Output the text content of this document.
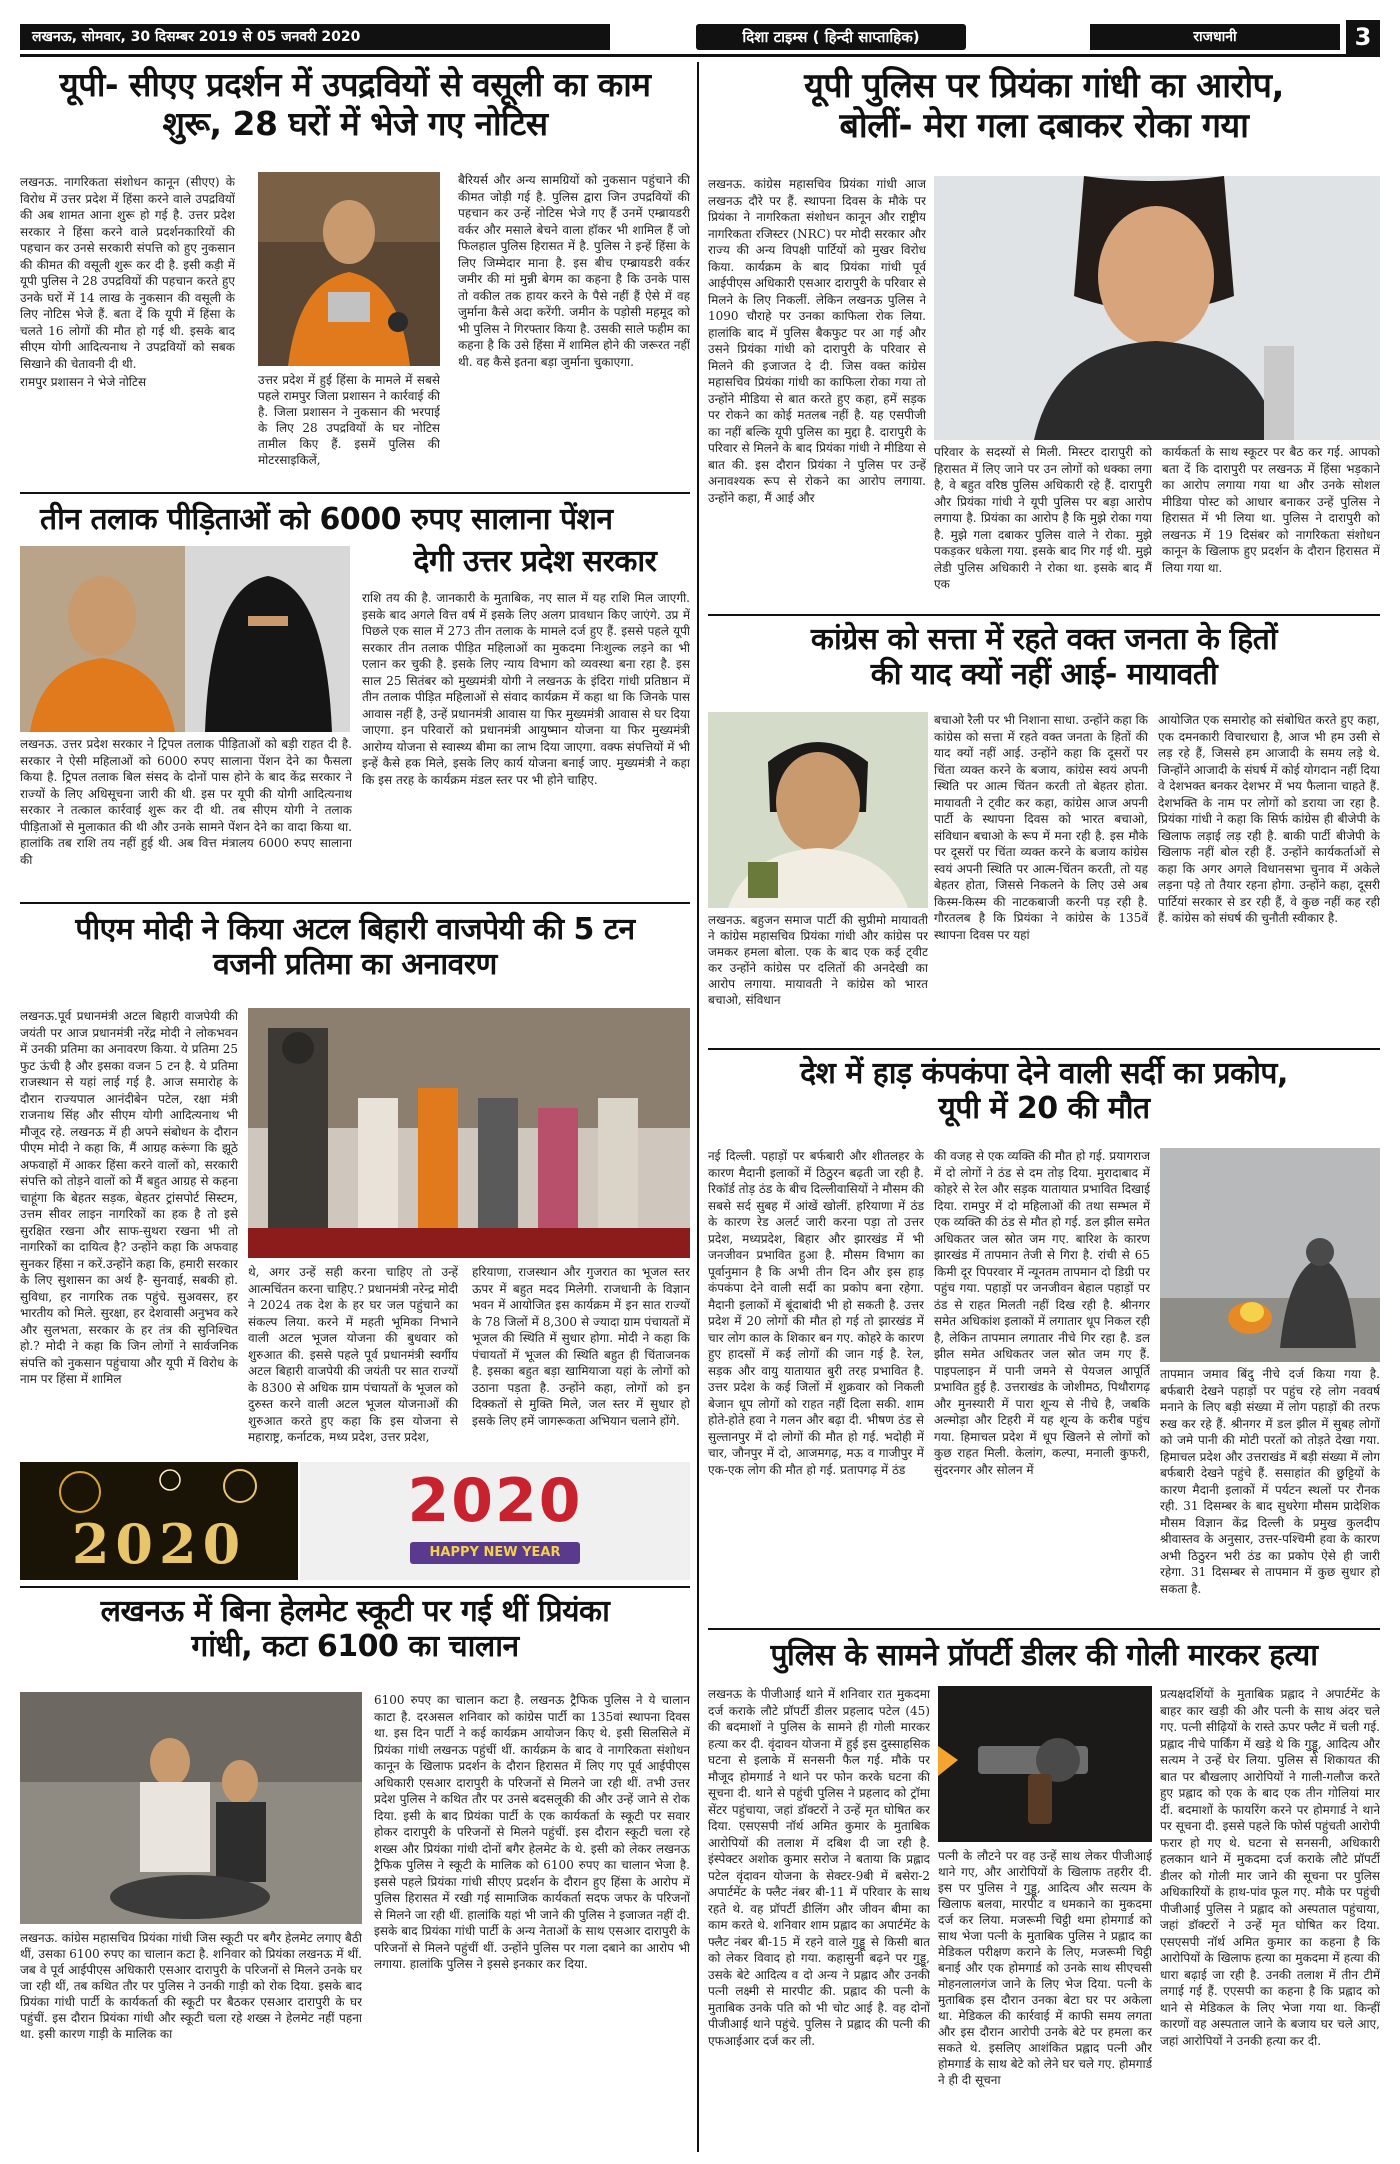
लखनऊ, सोमवार, 30 दिसम्बर 2019 से 05 जनवरी 2020	दिशा टाइम्स ( हिन्दी साप्ताहिक)	राजधानी	3
यूपी- सीएए प्रदर्शन में उपद्रवियों से वसूली का काम
शुरू, 28 घरों में भेजे गए नोटिस
लखनऊ. नागरिकता संशोधन कानून (सीएए) के विरोध में उत्तर प्रदेश में हिंसा करने वाले उपद्रवियों की अब शामत आना शुरू हो गई है. उत्तर प्रदेश सरकार ने हिंसा करने वाले प्रदर्शनकारियों की पहचान कर उनसे सरकारी संपत्ति को हुए नुकसान की कीमत की वसूली शुरू कर दी है. इसी कड़ी में यूपी पुलिस ने 28 उपद्रवियों की पहचान करते हुए उनके घरों में 14 लाख के नुकसान की वसूली के लिए नोटिस भेजे हैं. बता दें कि यूपी में हिंसा के चलते 16 लोगों की मौत हो गई थी. इसके बाद सीएम योगी आदित्यनाथ ने उपद्रवियों को सबक सिखाने की चेतावनी दी थी.
रामपुर प्रशासन ने भेजे नोटिस	उत्तर प्रदेश में हुई हिंसा के मामले में सबसे पहले रामपुर जिला प्रशासन ने कार्रवाई की है. जिला प्रशासन ने नुकसान की भरपाई के लिए 28 उपद्रवियों के घर नोटिस तामील किए हैं. इसमें पुलिस की मोटरसाइकिलें,
बैरियर्स और अन्य सामग्रियों को नुकसान पहुंचाने की कीमत जोड़ी गई है. पुलिस द्वारा जिन उपद्रवियों की पहचान कर उन्हें नोटिस भेजे गए हैं उनमें एम्ब्रायडरी वर्कर और मसाले बेचने वाला हॉकर भी शामिल हैं जो फिलहाल पुलिस हिरासत में है. पुलिस ने इन्हें हिंसा के लिए जिम्मेदार माना है. इस बीच एम्ब्रायडरी वर्कर जमीर की मां मुन्नी बेगम का कहना है कि उनके पास तो वकील तक हायर करने के पैसे नहीं हैं ऐसे में वह जुर्माना कैसे अदा करेंगी. जमीन के पड़ोसी महमूद को भी पुलिस ने गिरफ्तार किया है. उसकी साले फहीम का कहना है कि उसे हिंसा में शामिल होने की जरूरत नहीं थी. वह कैसे इतना बड़ा जुर्माना चुकाएगा.
तीन तलाक पीड़िताओं को 6000 रुपए सालाना पेंशन
देगी उत्तर प्रदेश सरकार
राशि तय की है. जानकारी के मुताबिक, नए साल में यह राशि मिल जाएगी. इसके बाद अगले वित्त वर्ष में इसके लिए अलग प्रावधान किए जाएंगे. उप्र में पिछले एक साल में 273 तीन तलाक के मामले दर्ज हुए हैं. इससे पहले यूपी सरकार तीन तलाक पीड़ित महिलाओं का मुकदमा निःशुल्क लड़ने का भी एलान कर चुकी है. इसके लिए न्याय विभाग को व्यवस्था बना रहा है. इस साल 25 सितंबर को मुख्यमंत्री योगी ने लखनऊ के इंदिरा गांधी प्रतिष्ठान में तीन तलाक पीड़ित महिलाओं से संवाद कार्यक्रम में कहा था कि जिनके पास आवास नहीं है, उन्हें प्रधानमंत्री आवास या फिर मुख्यमंत्री आवास से घर दिया जाएगा. इन परिवारों को प्रधानमंत्री आयुष्मान योजना या फिर मुख्यमंत्री आरोग्य योजना से स्वास्थ्य बीमा का लाभ दिया जाएगा. वक्फ संपत्तियों में भी इन्हें कैसे हक मिले, इसके लिए कार्य योजना बनाई जाए. मुख्यमंत्री ने कहा कि इस तरह के कार्यक्रम मंडल स्तर पर भी होने चाहिए.
लखनऊ. उत्तर प्रदेश सरकार ने ट्रिपल तलाक पीड़िताओं को बड़ी राहत दी है. सरकार ने ऐसी महिलाओं को 6000 रुपए सालाना पेंशन देने का फैसला किया है. ट्रिपल तलाक बिल संसद के दोनों पास होने के बाद केंद्र सरकार ने राज्यों के लिए अधिसूचना जारी की थी. इस पर यूपी की योगी आदित्यनाथ सरकार ने तत्काल कार्रवाई शुरू कर दी थी. तब सीएम योगी ने तलाक पीड़िताओं से मुलाकात की थी और उनके सामने पेंशन देने का वादा किया था. हालांकि तब राशि तय नहीं हुई थी. अब वित्त मंत्रालय 6000 रुपए सालाना की
पीएम मोदी ने किया अटल बिहारी वाजपेयी की 5 टन
वजनी प्रतिमा का अनावरण
लखनऊ.पूर्व प्रधानमंत्री अटल बिहारी वाजपेयी की जयंती पर आज प्रधानमंत्री नरेंद्र मोदी ने लोकभवन में उनकी प्रतिमा का अनावरण किया. ये प्रतिमा 25 फुट ऊंची है और इसका वजन 5 टन है. ये प्रतिमा राजस्थान से यहां लाई गई है. आज समारोह के दौरान राज्यपाल आनंदीबेन पटेल, रक्षा मंत्री राजनाथ सिंह और सीएम योगी आदित्यनाथ भी मौजूद रहे. लखनऊ में ही अपने संबोधन के दौरान पीएम मोदी ने कहा कि, मैं आग्रह करूंगा कि झूठे अफवाहों में आकर हिंसा करने वालों को, सरकारी संपत्ति को तोड़ने वालों को मैं बहुत आग्रह से कहना चाहूंगा कि बेहतर सड़क, बेहतर ट्रांसपोर्ट सिस्टम, उत्तम सीवर लाइन नागरिकों का हक है तो इसे सुरक्षित रखना और साफ-सुथरा रखना भी तो नागरिकों का दायित्व है? उन्होंने कहा कि अफवाह सुनकर हिंसा न करें.उन्होंने कहा कि, हमारी सरकार के लिए सुशासन का अर्थ है- सुनवाई, सबकी हो. सुविधा, हर नागरिक तक पहुंचे. सुअवसर, हर भारतीय को मिले. सुरक्षा, हर देशवासी अनुभव करे और सुलभता, सरकार के हर तंत्र की सुनिश्चित हो.? मोदी ने कहा कि जिन लोगों ने सार्वजनिक संपत्ति को नुकसान पहुंचाया और यूपी में विरोध के नाम पर हिंसा में शामिल
थे, अगर उन्हें सही करना चाहिए तो उन्हें आत्मचिंतन करना चाहिए.? प्रधानमंत्री नरेन्द्र मोदी ने 2024 तक देश के हर घर जल पहुंचाने का संकल्प लिया. करने में महती भूमिका निभाने वाली अटल भूजल योजना की बुधवार को शुरुआत की. इससे पहले पूर्व प्रधानमंत्री स्वर्गीय अटल बिहारी वाजपेयी की जयंती पर सात राज्यों के 8300 से अधिक ग्राम पंचायतों के भूजल को दुरुस्त करने वाली अटल भूजल योजनाओं की शुरुआत करते हुए कहा कि इस योजना से महाराष्ट्र, कर्नाटक, मध्य प्रदेश, उत्तर प्रदेश,
हरियाणा, राजस्थान और गुजरात का भूजल स्तर ऊपर में बहुत मदद मिलेगी. राजधानी के विज्ञान भवन में आयोजित इस कार्यक्रम में इन सात राज्यों के 78 जिलों में 8,300 से ज्यादा ग्राम पंचायतों में भूजल की स्थिति में सुधार होगा. मोदी ने कहा कि पंचायतों में भूजल की स्थिति बहुत ही चिंताजनक है. इसका बहुत बड़ा खामियाजा यहां के लोगों को उठाना पड़ता है. उन्होंने कहा, लोगों को इन दिक्कतों से मुक्ति मिले, जल स्तर में सुधार हो इसके लिए हमें जागरूकता अभियान चलाने होंगे.
2020
2020
HAPPY NEW YEAR
लखनऊ में बिना हेलमेट स्कूटी पर गई थीं प्रियंका
गांधी, कटा 6100 का चालान
लखनऊ. कांग्रेस महासचिव प्रियंका गांधी जिस स्कूटी पर बगैर हेलमेट लगाए बैठी थीं, उसका 6100 रुपए का चालान कटा है. शनिवार को प्रियंका लखनऊ में थीं. जब वे पूर्व आईपीएस अधिकारी एसआर दारापुरी के परिजनों से मिलने उनके घर जा रही थीं, तब कथित तौर पर पुलिस ने उनकी गाड़ी को रोक दिया. इसके बाद प्रियंका गांधी पार्टी के कार्यकर्ता की स्कूटी पर बैठकर एसआर दारापुरी के घर पहुंचीं. इस दौरान प्रियंका गांधी और स्कूटी चला रहे शख्स ने हेलमेट नहीं पहना था. इसी कारण गाड़ी के मालिक का
6100 रुपए का चालान कटा है. लखनऊ ट्रैफिक पुलिस ने ये चालान काटा है. दरअसल शनिवार को कांग्रेस पार्टी का 135वां स्थापना दिवस था. इस दिन पार्टी ने कई कार्यक्रम आयोजन किए थे. इसी सिलसिले में प्रियंका गांधी लखनऊ पहुंचीं थीं. कार्यक्रम के बाद वे नागरिकता संशोधन कानून के खिलाफ प्रदर्शन के दौरान हिरासत में लिए गए पूर्व आईपीएस अधिकारी एसआर दारापुरी के परिजनों से मिलने जा रही थीं. तभी उत्तर प्रदेश पुलिस ने कथित तौर पर उनसे बदसलूकी की और उन्हें जाने से रोक दिया. इसी के बाद प्रियंका पार्टी के एक कार्यकर्ता के स्कूटी पर सवार होकर दारापुरी के परिजनों से मिलने पहुंचीं. इस दौरान स्कूटी चला रहे शख्स और प्रियंका गांधी दोनों बगैर हेलमेट के थे. इसी को लेकर लखनऊ ट्रैफिक पुलिस ने स्कूटी के मालिक को 6100 रुपए का चालान भेजा है. इससे पहले प्रियंका गांधी सीएए प्रदर्शन के दौरान हुए हिंसा के आरोप में पुलिस हिरासत में रखी गई सामाजिक कार्यकर्ता सदफ जफर के परिजनों से मिलने जा रही थीं. हालांकि यहां भी जाने की पुलिस ने इजाजत नहीं दी. इसके बाद प्रियंका गांधी पार्टी के अन्य नेताओं के साथ एसआर दारापुरी के परिजनों से मिलने पहुंचीं थीं. उन्होंने पुलिस पर गला दबाने का आरोप भी लगाया. हालांकि पुलिस ने इससे इनकार कर दिया.
यूपी पुलिस पर प्रियंका गांधी का आरोप,
बोलीं- मेरा गला दबाकर रोका गया
लखनऊ. कांग्रेस महासचिव प्रियंका गांधी आज लखनऊ दौरे पर हैं. स्थापना दिवस के मौके पर प्रियंका ने नागरिकता संशोधन कानून और राष्ट्रीय नागरिकता रजिस्टर (NRC) पर मोदी सरकार और राज्य की अन्य विपक्षी पार्टियों को मुखर विरोध किया. कार्यक्रम के बाद प्रियंका गांधी पूर्व आईपीएस अधिकारी एसआर दारापुरी के परिवार से मिलने के लिए निकलीं. लेकिन लखनऊ पुलिस ने 1090 चौराहे पर उनका काफिला रोक लिया. हालांकि बाद में पुलिस बैकफुट पर आ गई और उसने प्रियंका गांधी को दारापुरी के परिवार से मिलने की इजाजत दे दी. जिस वक्त कांग्रेस महासचिव प्रियंका गांधी का काफिला रोका गया तो उन्होंने मीडिया से बात करते हुए कहा, हमें सड़क पर रोकने का कोई मतलब नहीं है. यह एसपीजी का नहीं बल्कि यूपी पुलिस का मुद्दा है. दारापुरी के परिवार से मिलने के बाद प्रियंका गांधी ने मीडिया से बात की. इस दौरान प्रियंका ने पुलिस पर उन्हें अनावश्यक रूप से रोकने का आरोप लगाया. उन्होंने कहा, मैं आई और
परिवार के सदस्यों से मिली. मिस्टर दारापुरी को हिरासत में लिए जाने पर उन लोगों को धक्का लगा है, वे बहुत वरिष्ठ पुलिस अधिकारी रहे हैं. दारापुरी और प्रियंका गांधी ने यूपी पुलिस पर बड़ा आरोप लगाया है. प्रियंका का आरोप है कि मुझे रोका गया है. मुझे गला दबाकर पुलिस वाले ने रोका. मुझे पकड़कर धकेला गया. इसके बाद गिर गई थी. मुझे लेडी पुलिस अधिकारी ने रोका था. इसके बाद मैं एक
कार्यकर्ता के साथ स्कूटर पर बैठ कर गई. आपको बता दें कि दारापुरी पर लखनऊ में हिंसा भड़काने का आरोप लगाया गया था और उनके सोशल मीडिया पोस्ट को आधार बनाकर उन्हें पुलिस ने हिरासत में भी लिया था. पुलिस ने दारापुरी को लखनऊ में 19 दिसंबर को नागरिकता संशोधन कानून के खिलाफ हुए प्रदर्शन के दौरान हिरासत में लिया गया था.
कांग्रेस को सत्ता में रहते वक्त जनता के हितों
की याद क्यों नहीं आई- मायावती
लखनऊ. बहुजन समाज पार्टी की सुप्रीमो मायावती ने कांग्रेस महासचिव प्रियंका गांधी और कांग्रेस पर जमकर हमला बोला. एक के बाद एक कई ट्वीट कर उन्होंने कांग्रेस पर दलितों की अनदेखी का आरोप लगाया. मायावती ने कांग्रेस को भारत बचाओ, संविधान
बचाओ रैली पर भी निशाना साधा. उन्होंने कहा कि कांग्रेस को सत्ता में रहते वक्त जनता के हितों की याद क्यों नहीं आई. उन्होंने कहा कि दूसरों पर चिंता व्यक्त करने के बजाय, कांग्रेस स्वयं अपनी स्थिति पर आत्म चिंतन करती तो बेहतर होता. मायावती ने ट्वीट कर कहा, कांग्रेस आज अपनी पार्टी के स्थापना दिवस को भारत बचाओ, संविधान बचाओ के रूप में मना रही है. इस मौके पर दूसरों पर चिंता व्यक्त करने के बजाय कांग्रेस स्वयं अपनी स्थिति पर आत्म-चिंतन करती, तो यह बेहतर होता, जिससे निकलने के लिए उसे अब किस्म-किस्म की नाटकबाजी करनी पड़ रही है. गौरतलब है कि प्रियंका ने कांग्रेस के 135वें स्थापना दिवस पर यहां
आयोजित एक समारोह को संबोधित करते हुए कहा, एक दमनकारी विचारधारा है, आज भी हम उसी से लड़ रहे हैं, जिससे हम आजादी के समय लड़े थे. जिन्होंने आजादी के संघर्ष में कोई योगदान नहीं दिया वे देशभक्त बनकर देशभर में भय फैलाना चाहते हैं. देशभक्ति के नाम पर लोगों को डराया जा रहा है. प्रियंका गांधी ने कहा कि सिर्फ कांग्रेस ही बीजेपी के खिलाफ लड़ाई लड़ रही है. बाकी पार्टी बीजेपी के खिलाफ नहीं बोल रही हैं. उन्होंने कार्यकर्ताओं से कहा कि अगर अगले विधानसभा चुनाव में अकेले लड़ना पड़े तो तैयार रहना होगा. उन्होंने कहा, दूसरी पार्टियां सरकार से डर रही हैं, वे कुछ नहीं कह रही हैं. कांग्रेस को संघर्ष की चुनौती स्वीकार है.
देश में हाड़ कंपकंपा देने वाली सर्दी का प्रकोप,
यूपी में 20 की मौत
नई दिल्ली. पहाड़ों पर बर्फबारी और शीतलहर के कारण मैदानी इलाकों में ठिठुरन बढ़ती जा रही है. रिकॉर्ड तोड़ ठंड के बीच दिल्लीवासियों ने मौसम की सबसे सर्द सुबह में आंखें खोलीं. हरियाणा में ठंड के कारण रेड अलर्ट जारी करना पड़ा तो उत्तर प्रदेश, मध्यप्रदेश, बिहार और झारखंड में भी जनजीवन प्रभावित हुआ है. मौसम विभाग का पूर्वानुमान है कि अभी तीन दिन और इस हाड़ कंपकंपा देने वाली सर्दी का प्रकोप बना रहेगा. मैदानी इलाकों में बूंदाबांदी भी हो सकती है. उत्तर प्रदेश में 20 लोगों की मौत हो गई तो झारखंड में चार लोग काल के शिकार बन गए. कोहरे के कारण हुए हादसों में कई लोगों की जान गई है. रेल, सड़क और वायु यातायात बुरी तरह प्रभावित है. उत्तर प्रदेश के कई जिलों में शुक्रवार को निकली बेजान धूप लोगों को राहत नहीं दिला सकी. शाम होते-होते हवा ने गलन और बढ़ा दी. भीषण ठंड से सुल्तानपुर में दो लोगों की मौत हो गई. भदोही में चार, जौनपुर में दो, आजमगढ़, मऊ व गाजीपुर में एक-एक लोग की मौत हो गई. प्रतापगढ़ में ठंड
की वजह से एक व्यक्ति की मौत हो गई. प्रयागराज में दो लोगों ने ठंड से दम तोड़ दिया. मुरादाबाद में कोहरे से रेल और सड़क यातायात प्रभावित दिखाई दिया. रामपुर में दो महिलाओं की तथा सम्भल में एक व्यक्ति की ठंड से मौत हो गई. डल झील समेत अधिकतर जल स्रोत जम गए. बारिश के कारण झारखंड में तापमान तेजी से गिरा है. रांची से 65 किमी दूर पिपरवार में न्यूनतम तापमान दो डिग्री पर पहुंच गया. पहाड़ों पर जनजीवन बेहाल पहाड़ों पर ठंड से राहत मिलती नहीं दिख रही है. श्रीनगर समेत अधिकांश इलाकों में लगातार धूप निकल रही है, लेकिन तापमान लगातार नीचे गिर रहा है. डल झील समेत अधिकतर जल स्रोत जम गए हैं. पाइपलाइन में पानी जमने से पेयजल आपूर्ति प्रभावित हुई है. उत्तराखंड के जोशीमठ, पिथौरागढ़ और मुनस्यारी में पारा शून्य से नीचे है, जबकि अल्मोड़ा और टिहरी में यह शून्य के करीब पहुंच गया. हिमाचल प्रदेश में धूप खिलने से लोगों को कुछ राहत मिली. केलांग, कल्पा, मनाली कुफरी, सुंदरनगर और सोलन में
तापमान जमाव बिंदु नीचे दर्ज किया गया है. बर्फबारी देखने पहाड़ों पर पहुंच रहे लोग नववर्ष मनाने के लिए बड़ी संख्या में लोग पहाड़ों की तरफ रुख कर रहे हैं. श्रीनगर में डल झील में सुबह लोगों को जमे पानी की मोटी परतों को तोड़ते देखा गया. हिमाचल प्रदेश और उत्तराखंड में बड़ी संख्या में लोग बर्फबारी देखने पहुंचे हैं. ससाहांत की छुट्टियों के कारण मैदानी इलाकों में पर्यटन स्थलों पर रौनक रही. 31 दिसम्बर के बाद सुधरेगा मौसम प्रादेशिक मौसम विज्ञान केंद्र दिल्ली के प्रमुख कुलदीप श्रीवास्तव के अनुसार, उत्तर-पश्चिमी हवा के कारण अभी ठिठुरन भरी ठंड का प्रकोप ऐसे ही जारी रहेगा. 31 दिसम्बर से तापमान में कुछ सुधार हो सकता है.
पुलिस के सामने प्रॉपर्टी डीलर की गोली मारकर हत्या
लखनऊ के पीजीआई थाने में शनिवार रात मुकदमा दर्ज कराके लौटे प्रॉपर्टी डीलर प्रहलाद पटेल (45) की बदमाशों ने पुलिस के सामने ही गोली मारकर हत्या कर दी. वृंदावन योजना में हुई इस दुस्साहसिक घटना से इलाके में सनसनी फैल गई. मौके पर मौजूद होमगार्ड ने थाने पर फोन करके घटना की सूचना दी. थाने से पहुंची पुलिस ने प्रहलाद को ट्रॉमा सेंटर पहुंचाया, जहां डॉक्टरों ने उन्हें मृत घोषित कर दिया. एसएसपी नॉर्थ अमित कुमार के मुताबिक आरोपियों की तलाश में दबिश दी जा रही है. इंस्पेक्टर अशोक कुमार सरोज ने बताया कि प्रह्लाद पटेल वृंदावन योजना के सेक्टर-9बी में बसेरा-2 अपार्टमेंट के फ्लैट नंबर बी-11 में परिवार के साथ रहते थे. वह प्रॉपर्टी डीलिंग और जीवन बीमा का काम करते थे. शनिवार शाम प्रह्लाद का अपार्टमेंट के फ्लैट नंबर बी-15 में रहने वाले गुड्डू से किसी बात को लेकर विवाद हो गया. कहासुनी बढ़ने पर गुड्डू, उसके बेटे आदित्य व दो अन्य ने प्रह्लाद और उनकी पत्नी लक्ष्मी से मारपीट की. प्रह्लाद की पत्नी के मुताबिक उनके पति को भी चोट आई है. वह दोनों पीजीआई थाने पहुंचे. पुलिस ने प्रह्लाद की पत्नी की एफआईआर दर्ज कर ली.
पत्नी के लौटने पर वह उन्हें साथ लेकर पीजीआई थाने गए, और आरोपियों के खिलाफ तहरीर दी. इस पर पुलिस ने गुड्डू, आदित्य और सत्यम के खिलाफ बलवा, मारपीट व धमकाने का मुकदमा दर्ज कर लिया. मजरूमी चिट्ठी थमा होमगार्ड को साथ भेजा पत्नी के मुताबिक पुलिस ने प्रह्लाद का मेडिकल परीक्षण कराने के लिए, मजरूमी चिट्ठी बनाई और एक होमगार्ड को उनके साथ सीएचसी मोहनलालगंज जाने के लिए भेज दिया. पत्नी के मुताबिक इस दौरान उनका बेटा घर पर अकेला था. मेडिकल की कार्रवाई में काफी समय लगता और इस दौरान आरोपी उनके बेटे पर हमला कर सकते थे. इसलिए आशंकित प्रह्लाद पत्नी और होमगार्ड के साथ बेटे को लेने घर चले गए. होमगार्ड ने ही दी सूचना
प्रत्यक्षदर्शियों के मुताबिक प्रह्लाद ने अपार्टमेंट के बाहर कार खड़ी की और पत्नी के साथ अंदर चले गए. पत्नी सीढ़ियों के रास्ते ऊपर फ्लैट में चली गई. प्रह्लाद नीचे पार्किंग में खड़े थे कि गुड्डू, आदित्य और सत्यम ने उन्हें घेर लिया. पुलिस से शिकायत की बात पर बौखलाए आरोपियों ने गाली-गलौज करते हुए प्रह्लाद को एक के बाद एक तीन गोलियां मार दीं. बदमाशों के फायरिंग करने पर होमगार्ड ने थाने पर सूचना दी. इससे पहले कि फोर्स पहुंचती आरोपी फरार हो गए थे. घटना से सनसनी, अधिकारी हलकान थाने में मुकदमा दर्ज कराके लौटे प्रॉपर्टी डीलर को गोली मार जाने की सूचना पर पुलिस अधिकारियों के हाथ-पांव फूल गए. मौके पर पहुंची पीजीआई पुलिस ने प्रह्लाद को अस्पताल पहुंचाया, जहां डॉक्टरों ने उन्हें मृत घोषित कर दिया. एसएसपी नॉर्थ अमित कुमार का कहना है कि आरोपियों के खिलाफ हत्या का मुकदमा में हत्या की धारा बढ़ाई जा रही है. उनकी तलाश में तीन टीमें लगाई गई हैं. एएसपी का कहना है कि प्रह्लाद को थाने से मेडिकल के लिए भेजा गया था. किन्हीं कारणों वह अस्पताल जाने के बजाय घर चले आए, जहां आरोपियों ने उनकी हत्या कर दी.
